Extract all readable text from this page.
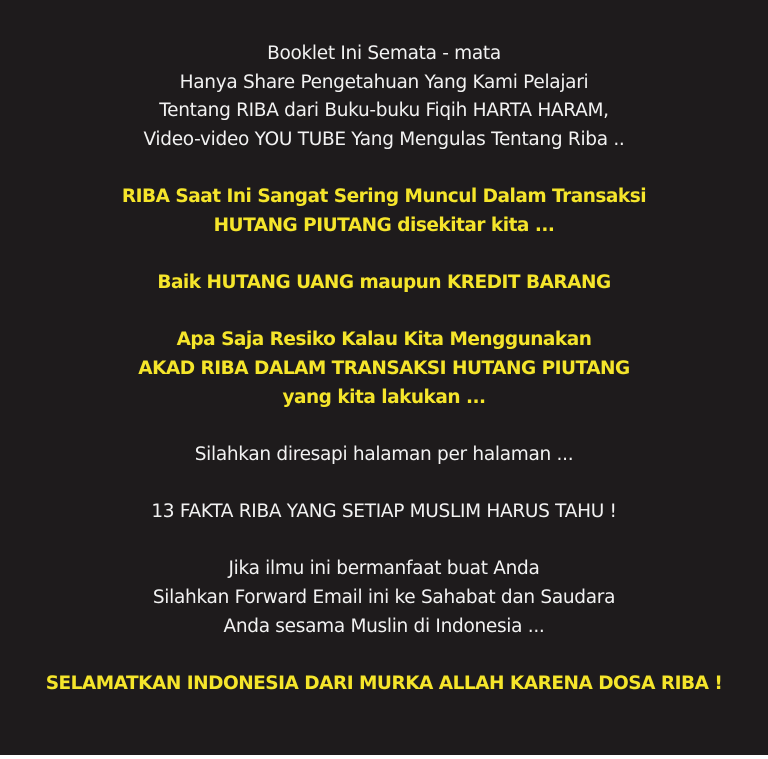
Booklet Ini Semata - mata
Hanya Share Pengetahuan Yang Kami Pelajari
Tentang RIBA dari Buku-buku Fiqih HARTA HARAM,
Video-video YOU TUBE Yang Mengulas Tentang Riba ..
RIBA Saat Ini Sangat Sering Muncul Dalam Transaksi
HUTANG PIUTANG disekitar kita ...
Baik HUTANG UANG maupun KREDIT BARANG
Apa Saja Resiko Kalau Kita Menggunakan
AKAD RIBA DALAM TRANSAKSI HUTANG PIUTANG
yang kita lakukan ...
Silahkan diresapi halaman per halaman ...
13 FAKTA RIBA YANG SETIAP MUSLIM HARUS TAHU !
Jika ilmu ini bermanfaat buat Anda
Silahkan Forward Email ini ke Sahabat dan Saudara
Anda sesama Muslin di Indonesia ...
SELAMATKAN INDONESIA DARI MURKA ALLAH KARENA DOSA RIBA !
